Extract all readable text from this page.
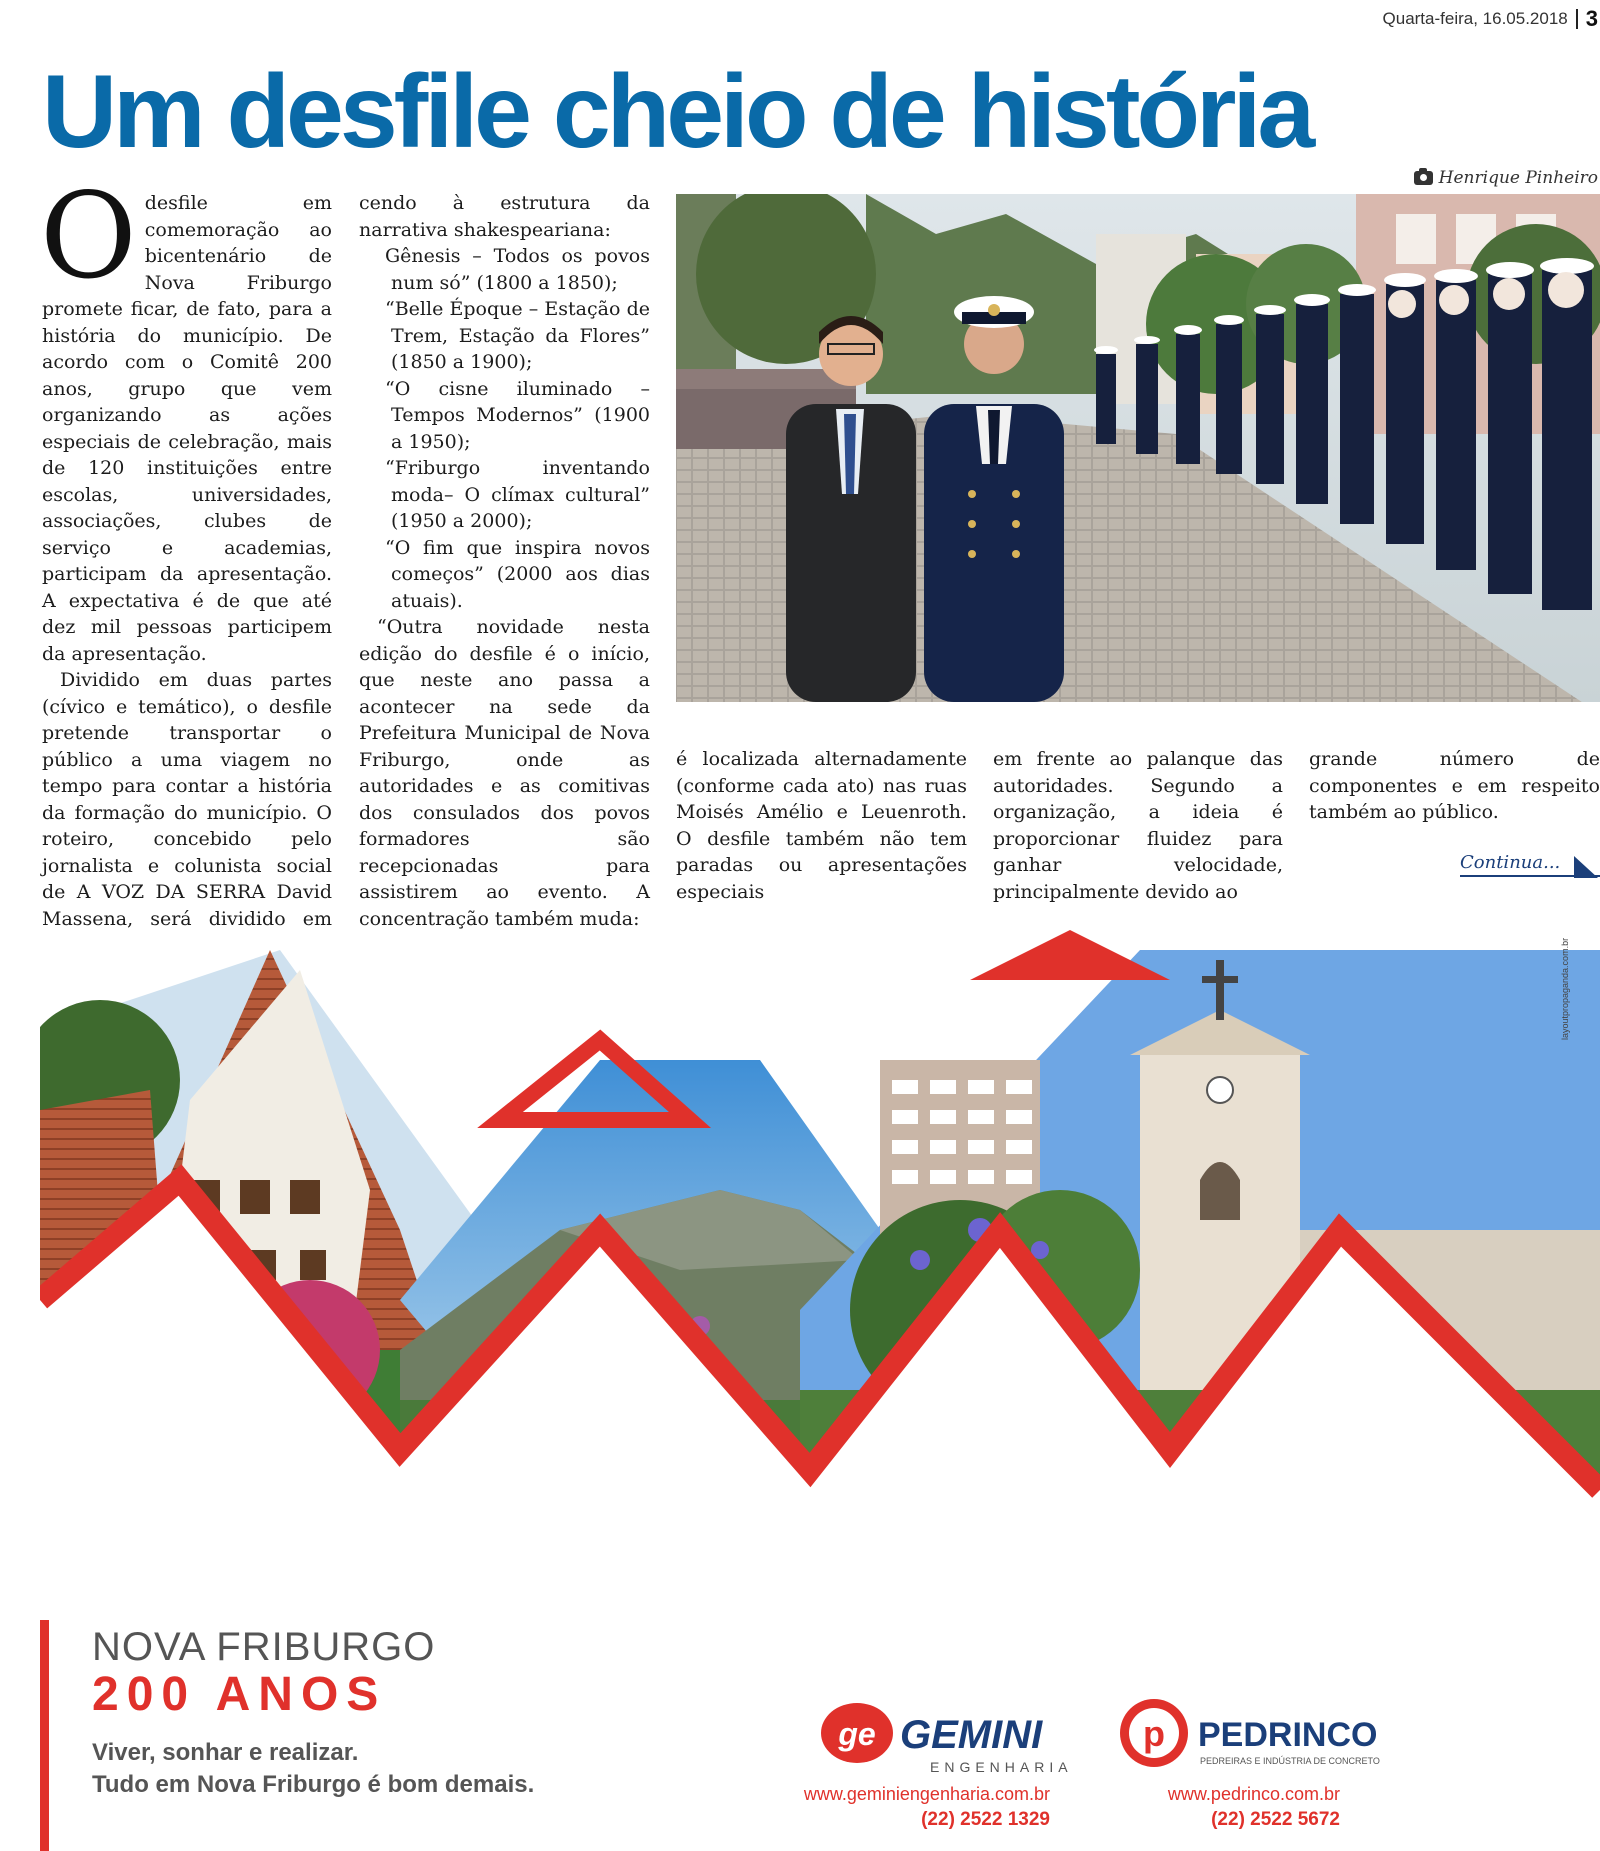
Quarta-feira, 16.05.2018 3
Um desfile cheio de história
Henrique Pinheiro
O desfile em comemoração ao bicentenário de Nova Friburgo promete ficar, de fato, para a história do município. De acordo com o Comitê 200 anos, grupo que vem organizando as ações especiais de celebração, mais de 120 instituições entre escolas, universidades, associações, clubes de serviço e academias, participam da apresentação. A expectativa é de que até dez mil pessoas participem da apresentação.

Dividido em duas partes (cívico e temático), o desfile pretende transportar o público a uma viagem no tempo para contar a história da formação do município. O roteiro, concebido pelo jornalista e colunista social de A VOZ DA SERRA David Massena, será dividido em

cendo à estrutura da narrativa shakespeariana:

Gênesis – Todos os povos num só” (1800 a 1850);

“Belle Époque – Estação de Trem, Estação da Flores” (1850 a 1900);

“O cisne iluminado – Tempos Modernos” (1900 a 1950);

“Friburgo inventando moda– O clímax cultural” (1950 a 2000);

“O fim que inspira novos começos” (2000 aos dias atuais).

“Outra novidade nesta edição do desfile é o início, que neste ano passa a acontecer na sede da Prefeitura Municipal de Nova Friburgo, onde as autoridades e as comitivas dos consulados dos povos formadores são recepcionadas para assistirem ao evento. A concentração também muda:

é localizada alternadamente (conforme cada ato) nas ruas Moisés Amélio e Leuenroth. O desfile também não tem paradas ou apresentações especiais

em frente ao palanque das autoridades. Segundo a organização, a ideia é proporcionar fluidez para ganhar velocidade, principalmente devido ao

grande número de componentes e em respeito também ao público.

Continua...
ge	p
NOVA FRIBURGO
200 ANOS
Viver, sonhar e realizar.
Tudo em Nova Friburgo é bom demais.
GEMINI
ENGENHARIA
www.geminiengenharia.com.br
(22) 2522 1329
PEDRINCO
PEDREIRAS E INDÚSTRIA DE CONCRETO
www.pedrinco.com.br
(22) 2522 5672
layoutpropaganda.com.br
